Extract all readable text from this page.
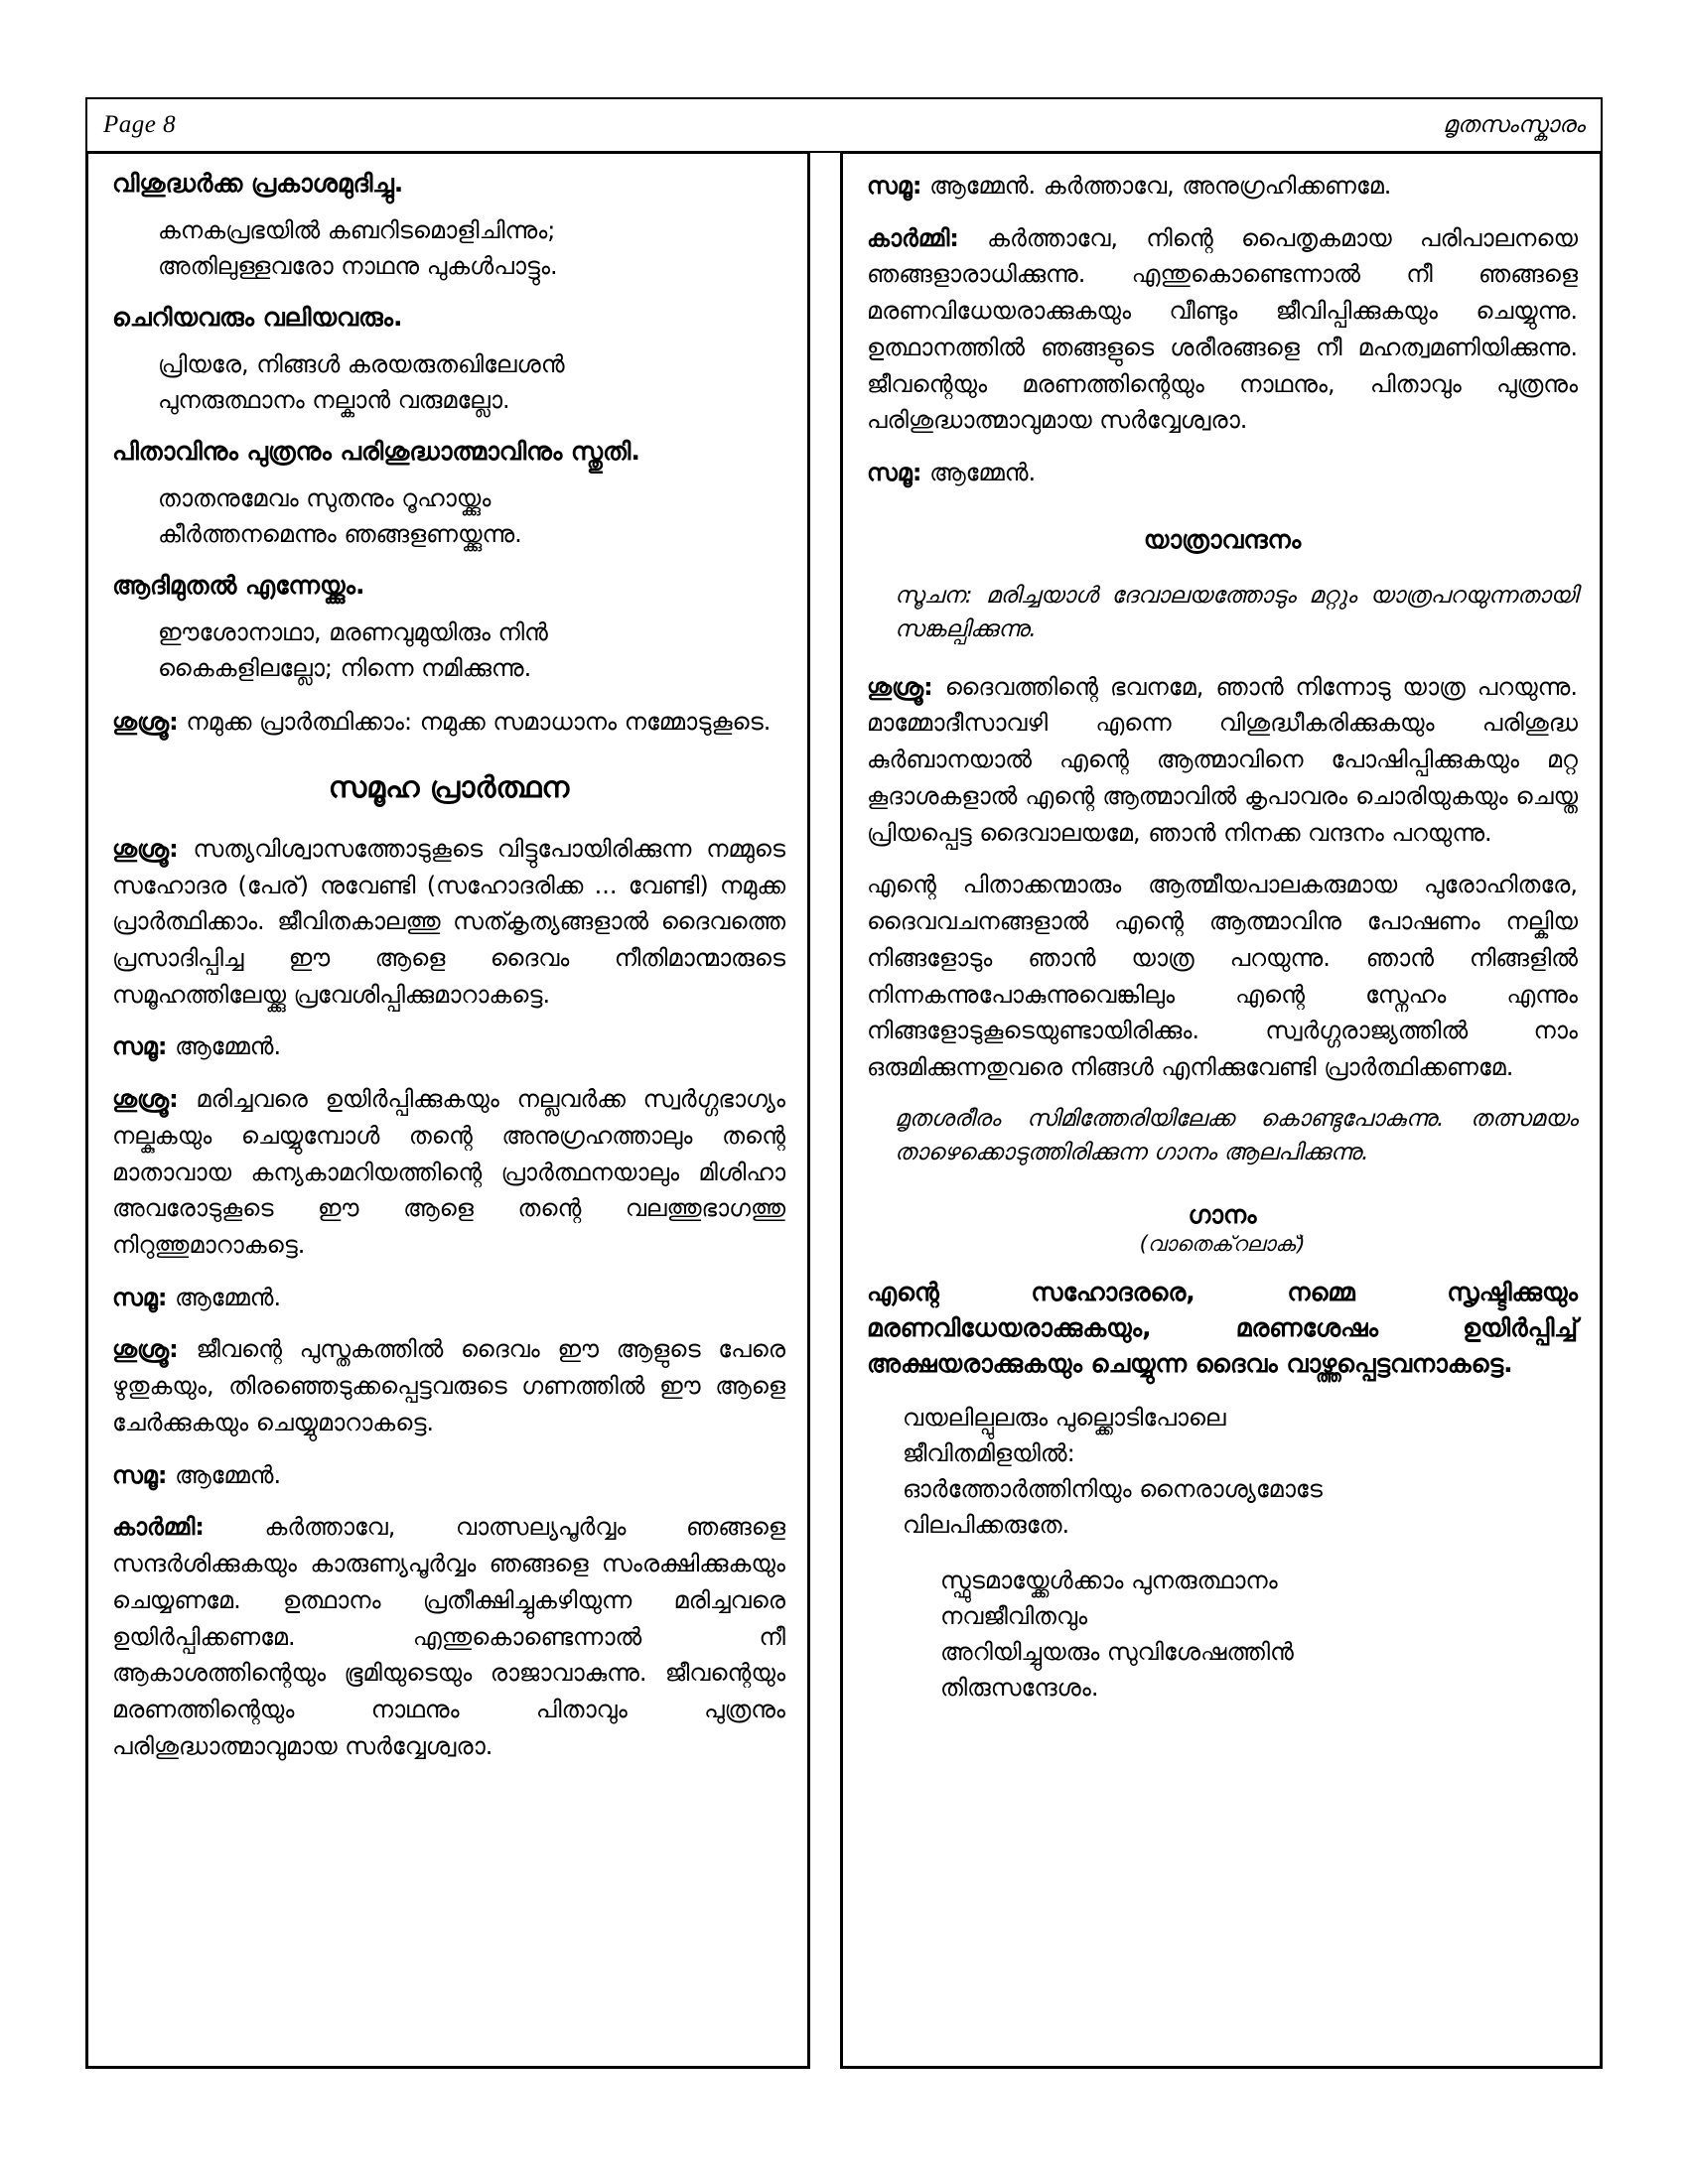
Page 8	മൃതസംസ്കാരം
വിശുദ്ധർക്ക പ്രകാശമുദിച്ചു.
കനകപ്രഭയിൽ കബറിടമൊളിചിന്നും;
അതിലുള്ളവരോ നാഥനു പുകൾപാട്ടും.
ചെറിയവരും വലിയവരും.
പ്രിയരേ, നിങ്ങൾ കരയരുതഖിലേശൻ
പുനരുത്ഥാനം നല്കാൻ വരുമല്ലോ.
പിതാവിനും പുത്രനും പരിശുദ്ധാത്മാവിനും സ്തുതി.
താതനുമേവം സുതനും റൂഹായ്ക്കും
കീർത്തനമെന്നും ഞങ്ങളണയ്ക്കുന്നു.
ആദിമുതൽ എന്നേയ്ക്കും.
ഈശോനാഥാ, മരണവുമുയിരും നിൻ
കൈകളിലല്ലോ; നിന്നെ നമിക്കുന്നു.

ശുശ്രൂ: നമുക്ക പ്രാർത്ഥിക്കാം: നമുക്ക സമാധാനം നമ്മോടുകൂടെ.

സമൂഹ പ്രാർത്ഥന

ശുശ്രൂ: സത്യവിശ്വാസത്തോടുകൂടെ വിട്ടുപോയിരിക്കുന്ന നമ്മുടെ സഹോദര (പേര്) നുവേണ്ടി (സഹോദരിക്ക ... വേണ്ടി) നമുക്ക പ്രാർത്ഥിക്കാം. ജീവിതകാലത്തു സത്കൃത്യങ്ങളാൽ ദൈവത്തെ പ്രസാദിപ്പിച്ച ഈ ആളെ ദൈവം നീതിമാന്മാരുടെ സമൂഹത്തിലേയ്ക്കു പ്രവേശിപ്പിക്കുമാറാകട്ടെ.

സമൂ: ആമ്മേൻ.

ശുശ്രൂ: മരിച്ചവരെ ഉയിർപ്പിക്കുകയും നല്ലവർക്ക സ്വർഗ്ഗഭാഗ്യം നല്കുകയും ചെയ്യുമ്പോൾ തന്റെ അനുഗ്രഹത്താലും തന്റെ മാതാവായ കന്യകാമറിയത്തിന്റെ പ്രാർത്ഥനയാലും മിശിഹാ അവരോടുകൂടെ ഈ ആളെ തന്റെ വലത്തുഭാഗത്തു നിറുത്തുമാറാകട്ടെ.

സമൂ: ആമ്മേൻ.

ശുശ്രൂ: ജീവന്റെ പുസ്തകത്തിൽ ദൈവം ഈ ആളുടെ പേരെ ഴുതുകയും, തിരഞ്ഞെടുക്കപ്പെട്ടവരുടെ ഗണത്തിൽ ഈ ആളെ ചേർക്കുകയും ചെയ്യുമാറാകട്ടെ.

സമൂ: ആമ്മേൻ.

കാർമ്മി: കർത്താവേ, വാത്സല്യപൂർവ്വം ഞങ്ങളെ സന്ദർശിക്കുകയും കാരുണ്യപൂർവ്വം ഞങ്ങളെ സംരക്ഷിക്കുകയും ചെയ്യണമേ. ഉത്ഥാനം പ്രതീക്ഷിച്ചുകഴിയുന്ന മരിച്ചവരെ ഉയിർപ്പിക്കണമേ. എന്തുകൊണ്ടെന്നാൽ നീ ആകാശത്തിന്റെയും ഭൂമിയുടെയും രാജാവാകുന്നു. ജീവന്റെയും മരണത്തിന്റെയും നാഥനും പിതാവും പുത്രനും പരിശുദ്ധാത്മാവുമായ സർവ്വേശ്വരാ.

സമൂ: ആമ്മേൻ. കർത്താവേ, അനുഗ്രഹിക്കണമേ.

കാർമ്മി: കർത്താവേ, നിന്റെ പൈതൃകമായ പരിപാലനയെ ഞങ്ങളാരാധിക്കുന്നു. എന്തുകൊണ്ടെന്നാൽ നീ ഞങ്ങളെ മരണവിധേയരാക്കുകയും വീണ്ടും ജീവിപ്പിക്കുകയും ചെയ്യുന്നു. ഉത്ഥാനത്തിൽ ഞങ്ങളുടെ ശരീരങ്ങളെ നീ മഹത്വമണിയിക്കുന്നു. ജീവന്റെയും മരണത്തിന്റെയും നാഥനും, പിതാവും പുത്രനും പരിശുദ്ധാത്മാവുമായ സർവ്വേശ്വരാ.

സമൂ: ആമ്മേൻ.

യാത്രാവന്ദനം

സൂചന: മരിച്ചയാൾ ദേവാലയത്തോടും മറ്റും യാത്രപറയുന്നതായി സങ്കല്പിക്കുന്നു.

ശുശ്രൂ: ദൈവത്തിന്റെ ഭവനമേ, ഞാൻ നിന്നോടു യാത്ര പറയുന്നു. മാമ്മോദീസാവഴി എന്നെ വിശുദ്ധീകരിക്കുകയും പരിശുദ്ധ കുർബാനയാൽ എന്റെ ആത്മാവിനെ പോഷിപ്പിക്കുകയും മറ്റ കൂദാശകളാൽ എന്റെ ആത്മാവിൽ കൃപാവരം ചൊരിയുകയും ചെയ്ത പ്രിയപ്പെട്ട ദൈവാലയമേ, ഞാൻ നിനക്ക വന്ദനം പറയുന്നു.

എന്റെ പിതാക്കന്മാരും ആത്മീയപാലകരുമായ പുരോഹിതരേ, ദൈവവചനങ്ങളാൽ എന്റെ ആത്മാവിനു പോഷണം നല്കിയ നിങ്ങളോടും ഞാൻ യാത്ര പറയുന്നു. ഞാൻ നിങ്ങളിൽ നിന്നകന്നുപോകുന്നുവെങ്കിലും എന്റെ സ്നേഹം എന്നും നിങ്ങളോടുകൂടെയുണ്ടായിരിക്കും. സ്വർഗ്ഗരാജ്യത്തിൽ നാം ഒരുമിക്കുന്നതുവരെ നിങ്ങൾ എനിക്കുവേണ്ടി പ്രാർത്ഥിക്കണമേ.

മൃതശരീരം സിമിത്തേരിയിലേക്ക കൊണ്ടുപോകുന്നു. തത്സമയം താഴെക്കൊടുത്തിരിക്കുന്ന ഗാനം ആലപിക്കുന്നു.

ഗാനം
(വാതെക്‌റലാക്)

എന്റെ സഹോദരരെ, നമ്മെ സൃഷ്ടിക്കുയും മരണവിധേയരാക്കുകയും, മരണശേഷം ഉയിർപ്പിച്ച് അക്ഷയരാക്കുകയും ചെയ്യുന്ന ദൈവം വാഴ്ത്തപ്പെട്ടവനാകട്ടെ.

വയലില്പുലരും പുല്ക്കൊടിപോലെ
ജീവിതമിളയിൽ:
ഓർത്തോർത്തിനിയും നൈരാശ്യമോടേ
വിലപിക്കരുതേ.
സ്ഫുടമായ്ക്കേൾക്കാം പുനരുത്ഥാനം
നവജീവിതവും
അറിയിച്ചുയരും സുവിശേഷത്തിൻ
തിരുസന്ദേശം.
